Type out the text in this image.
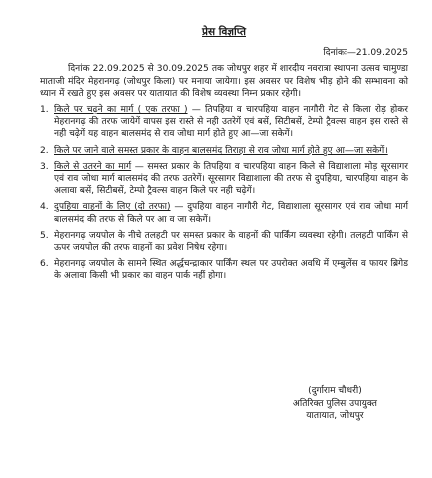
प्रेस विज्ञप्ति
दिनांकः—21.09.2025
दिनांक 22.09.2025 से 30.09.2025 तक जोधपुर शहर में शारदीय नवरात्रा स्थापना उत्सव चामुण्डा माताजी मंदिर मेहरानगढ़ (जोधपुर किला) पर मनाया जायेगा। इस अवसर पर विशेष भीड़ होने की सम्भावना को ध्यान में रखते हुए इस अवसर पर यातायात की विशेष व्यवस्था निम्न प्रकार रहेगी।
1. किले पर चढ़ने का मार्ग ( एक तरफा ) — तिपहिया व चारपहिया वाहन नागौरी गेट से किला रोड़ होकर मेहरानगढ़ की तरफ जायेगें वापस इस रास्ते से नही उतरेगें एवं बसें, सिटीबसें, टेम्पो ट्रैवल्स वाहन इस रास्ते से नही चढ़ेगें यह वाहन बालसमंद से राव जोधा मार्ग होते हुए आ—जा सकेगें।
2. किले पर जाने वाले समस्त प्रकार के वाहन बालसमंद तिराहा से राव जोधा मार्ग होते हुए आ—जा सकेगें।
3. किले से उतरने का मार्ग — समस्त प्रकार के तिपहिया व चारपहिया वाहन किले से विद्याशाला मोड़ सूरसागर एवं राव जोधा मार्ग बालसमंद की तरफ उतरेगें। सूरसागर विद्याशाला की तरफ से दुपहिया, चारपहिया वाहन के अलावा बसें, सिटीबसें, टेम्पो ट्रैवल्स वाहन किले पर नही चढ़ेगें।
4. दुपहिया वाहनों के लिए (दो तरफा) — दुपहिया वाहन नागौरी गेट, विद्याशाला सूरसागर एवं राव जोधा मार्ग बालसमंद की तरफ से किले पर आ व जा सकेगें।
5. मेहरानगढ़ जयपोल के नीचे तलहटी पर समस्त प्रकार के वाहनों की पार्किंग व्यवस्था रहेगी। तलहटी पार्किंग से ऊपर जयपोल की तरफ वाहनों का प्रवेश निषेध रहेगा।
6. मेहरानगढ़ जयपोल के सामने स्थित अर्द्धचन्द्राकार पार्किंग स्थल पर उपरोक्त अवधि में एम्बुलेंस व फायर ब्रिगेड के अलावा किसी भी प्रकार का वाहन पार्क नहीं होगा।
(दुर्गाराम चौधरी)
अतिरिक्त पुलिस उपायुक्त
यातायात, जोधपुर
